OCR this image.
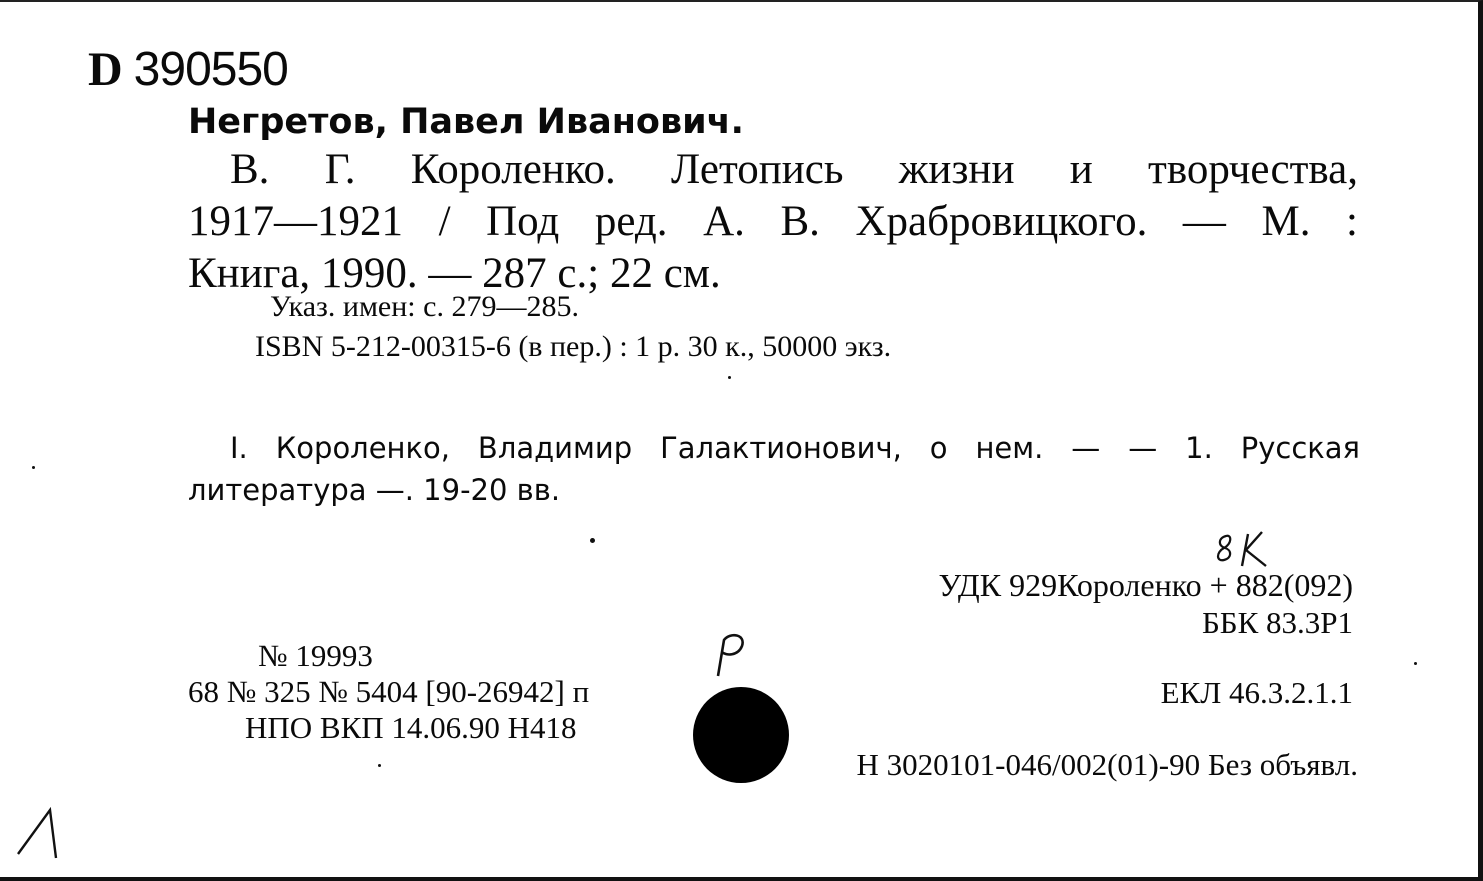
D 390550
Негретов, Павел Иванович.
В. Г. Короленко. Летопись жизни и творчества,
1917—1921 / Под ред. А. В. Храбровицкого. — М. :
Книга, 1990. — 287 с.; 22 см.
Указ. имен: с. 279—285.
ISBN 5-212-00315-6 (в пер.) : 1 р. 30 к., 50000 экз.
I. Короленко, Владимир Галактионович, о нем. — — 1. Русская
литература —. 19-20 вв.
УДК 929Короленко + 882(092)
ББК 83.3Р1
№ 19993
68 № 325 № 5404 [90-26942] п
НПО ВКП 14.06.90 Н418
ЕКЛ 46.3.2.1.1
Н 3020101-046/002(01)-90 Без объявл.
